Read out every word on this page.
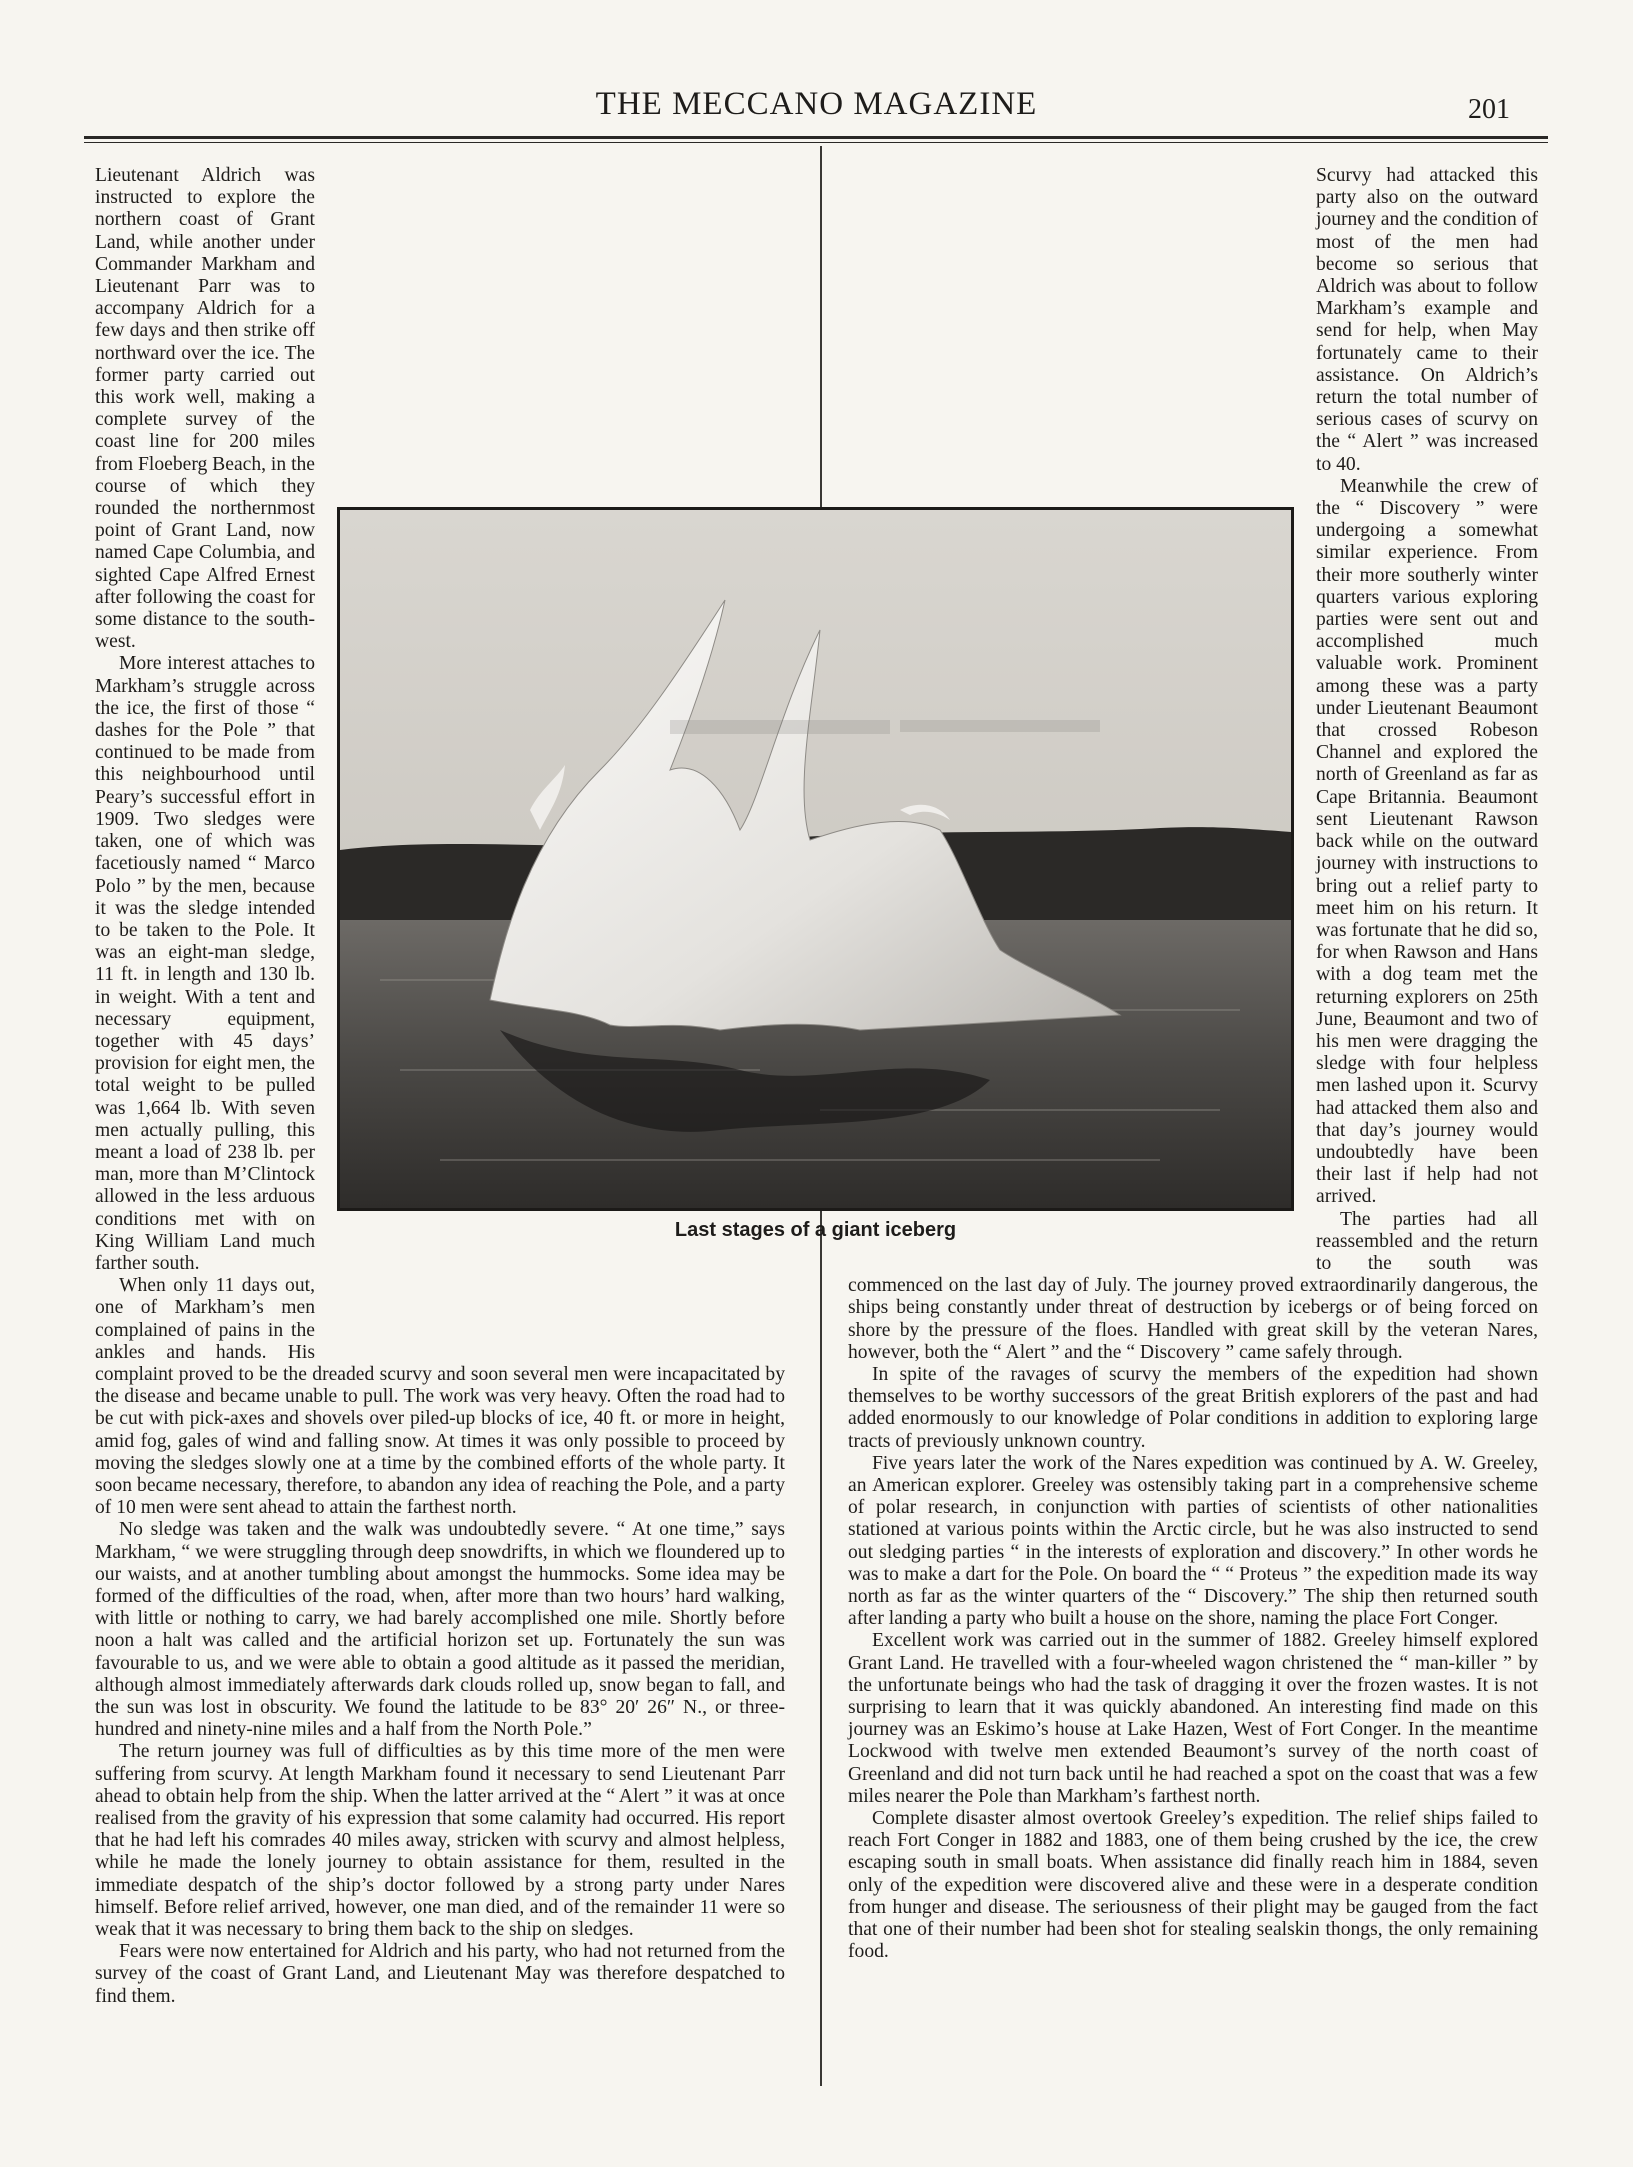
THE MECCANO MAGAZINE	201

Lieutenant Aldrich was instructed to explore the northern coast of Grant Land, while another under Commander Markham and Lieutenant Parr was to accompany Aldrich for a few days and then strike off northward over the ice. The former party carried out this work well, making a complete survey of the coast line for 200 miles from Floeberg Beach, in the course of which they rounded the northernmost point of Grant Land, now named Cape Columbia, and sighted Cape Alfred Ernest after following the coast for some distance to the south-west.

More interest attaches to Markham’s struggle across the ice, the first of those “ dashes for the Pole ” that continued to be made from this neighbourhood until Peary’s successful effort in 1909. Two sledges were taken, one of which was facetiously named “ Marco Polo ” by the men, because it was the sledge intended to be taken to the Pole. It was an eight-man sledge, 11 ft. in length and 130 lb. in weight. With a tent and necessary equipment, together with 45 days’ provision for eight men, the total weight to be pulled was 1,664 lb. With seven men actually pulling, this meant a load of 238 lb. per man, more than M’Clintock allowed in the less arduous conditions met with on King William Land much farther south.

When only 11 days out, one of Markham’s men complained of pains in the ankles and hands. His complaint proved to be the dreaded scurvy and soon several men were incapacitated by the disease and became unable to pull. The work was very heavy. Often the road had to be cut with pick-axes and shovels over piled-up blocks of ice, 40 ft. or more in height, amid fog, gales of wind and falling snow. At times it was only possible to proceed by moving the sledges slowly one at a time by the combined efforts of the whole party. It soon became necessary, therefore, to abandon any idea of reaching the Pole, and a party of 10 men were sent ahead to attain the farthest north.

No sledge was taken and the walk was undoubtedly severe. “ At one time,” says Markham, “ we were struggling through deep snowdrifts, in which we floundered up to our waists, and at another tumbling about amongst the hummocks. Some idea may be formed of the difficulties of the road, when, after more than two hours’ hard walking, with little or nothing to carry, we had barely accomplished one mile. Shortly before noon a halt was called and the artificial horizon set up. Fortunately the sun was favourable to us, and we were able to obtain a good altitude as it passed the meridian, although almost immediately afterwards dark clouds rolled up, snow began to fall, and the sun was lost in obscurity. We found the latitude to be 83° 20′ 26″ N., or three-hundred and ninety-nine miles and a half from the North Pole.”

The return journey was full of difficulties as by this time more of the men were suffering from scurvy. At length Markham found it necessary to send Lieutenant Parr ahead to obtain help from the ship. When the latter arrived at the “ Alert ” it was at once realised from the gravity of his expression that some calamity had occurred. His report that he had left his comrades 40 miles away, stricken with scurvy and almost helpless, while he made the lonely journey to obtain assistance for them, resulted in the immediate despatch of the ship’s doctor followed by a strong party under Nares himself. Before relief arrived, however, one man died, and of the remainder 11 were so weak that it was necessary to bring them back to the ship on sledges.

Fears were now entertained for Aldrich and his party, who had not returned from the survey of the coast of Grant Land, and Lieutenant May was therefore despatched to find them.

Scurvy had attacked this party also on the outward journey and the condition of most of the men had become so serious that Aldrich was about to follow Markham’s example and send for help, when May fortunately came to their assistance. On Aldrich’s return the total number of serious cases of scurvy on the “ Alert ” was increased to 40.

Meanwhile the crew of the “ Discovery ” were undergoing a somewhat similar experience. From their more southerly winter quarters various exploring parties were sent out and accomplished much valuable work. Prominent among these was a party under Lieutenant Beaumont that crossed Robeson Channel and explored the north of Greenland as far as Cape Britannia. Beaumont sent Lieutenant Rawson back while on the outward journey with instructions to bring out a relief party to meet him on his return. It was fortunate that he did so, for when Rawson and Hans with a dog team met the returning explorers on 25th June, Beaumont and two of his men were dragging the sledge with four helpless men lashed upon it. Scurvy had attacked them also and that day’s journey would undoubtedly have been their last if help had not arrived.

The parties had all reassembled and the return to the south was commenced on the last day of July. The journey proved extraordinarily dangerous, the ships being constantly under threat of destruction by icebergs or of being forced on shore by the pressure of the floes. Handled with great skill by the veteran Nares, however, both the “ Alert ” and the “ Discovery ” came safely through.

In spite of the ravages of scurvy the members of the expedition had shown themselves to be worthy successors of the great British explorers of the past and had added enormously to our knowledge of Polar conditions in addition to exploring large tracts of previously unknown country.

Five years later the work of the Nares expedition was continued by A. W. Greeley, an American explorer. Greeley was ostensibly taking part in a comprehensive scheme of polar research, in conjunction with parties of scientists of other nationalities stationed at various points within the Arctic circle, but he was also instructed to send out sledging parties “ in the interests of exploration and discovery.” In other words he was to make a dart for the Pole. On board the “ “ Proteus ” the expedition made its way north as far as the winter quarters of the “ Discovery.” The ship then returned south after landing a party who built a house on the shore, naming the place Fort Conger.

Excellent work was carried out in the summer of 1882. Greeley himself explored Grant Land. He travelled with a four-wheeled wagon christened the “ man-killer ” by the unfortunate beings who had the task of dragging it over the frozen wastes. It is not surprising to learn that it was quickly abandoned. An interesting find made on this journey was an Eskimo’s house at Lake Hazen, West of Fort Conger. In the meantime Lockwood with twelve men extended Beaumont’s survey of the north coast of Greenland and did not turn back until he had reached a spot on the coast that was a few miles nearer the Pole than Markham’s farthest north.

Complete disaster almost overtook Greeley’s expedition. The relief ships failed to reach Fort Conger in 1882 and 1883, one of them being crushed by the ice, the crew escaping south in small boats. When assistance did finally reach him in 1884, seven only of the expedition were discovered alive and these were in a desperate condition from hunger and disease. The seriousness of their plight may be gauged from the fact that one of their number had been shot for stealing sealskin thongs, the only remaining food.

Last stages of a giant iceberg
